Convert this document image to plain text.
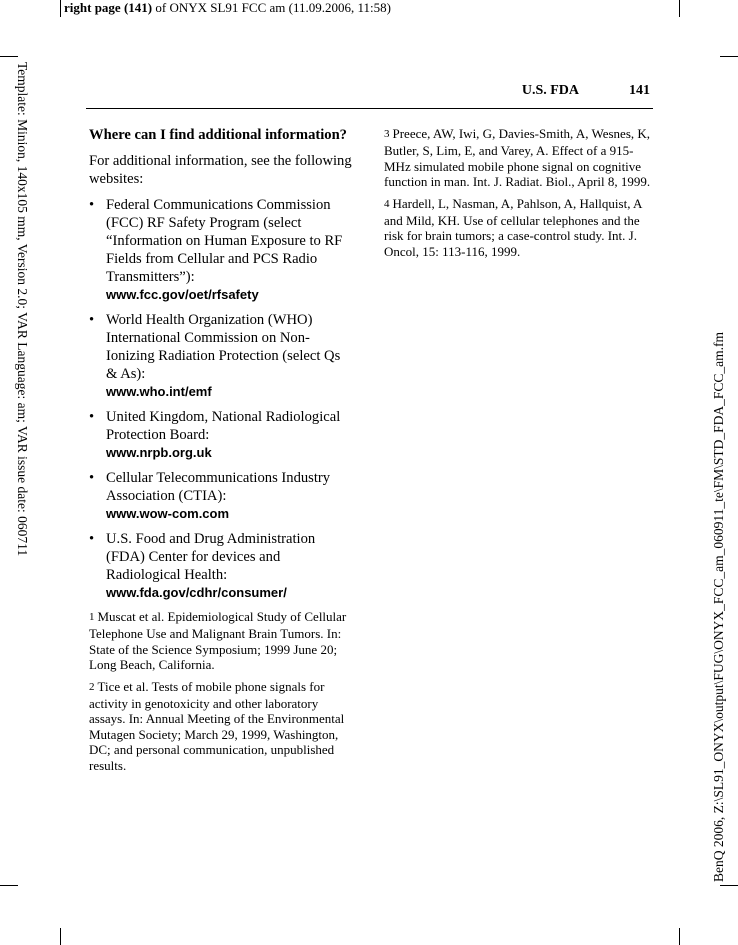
right page (141) of ONYX SL91 FCC am (11.09.2006, 11:58)
Template: Minion, 140x105 mm, Version 2.0; VAR Language: am; VAR issue date: 060711
BenQ 2006, Z:\SL91_ONYX\output\FUG\ONYX_FCC_am_060911_te\FM\STD_FDA_FCC_am.fm
U.S. FDA	141
Where can I find additional information?

For additional information, see the following websites:

• Federal Communications Commission (FCC) RF Safety Program (select “Information on Human Exposure to RF Fields from Cellular and PCS Radio Transmitters”):
www.fcc.gov/oet/rfsafety
• World Health Organization (WHO) International Commission on Non-Ionizing Radiation Protection (select Qs & As):
www.who.int/emf
• United Kingdom, National Radiological Protection Board:
www.nrpb.org.uk
• Cellular Telecommunications Industry Association (CTIA):
www.wow-com.com
• U.S. Food and Drug Administration (FDA) Center for devices and Radiological Health:
www.fda.gov/cdhr/consumer/

$^1$ Muscat et al. Epidemiological Study of Cellular Telephone Use and Malignant Brain Tumors. In: State of the Science Symposium; 1999 June 20; Long Beach, California.

$^2$ Tice et al. Tests of mobile phone signals for activity in genotoxicity and other laboratory assays. In: Annual Meeting of the Environmental Mutagen Society; March 29, 1999, Washington, DC; and personal communication, unpublished results.

$^3$ Preece, AW, Iwi, G, Davies-Smith, A, Wesnes, K, Butler, S, Lim, E, and Varey, A. Effect of a 915- MHz simulated mobile phone signal on cognitive function in man. Int. J. Radiat. Biol., April 8, 1999.

$^4$ Hardell, L, Nasman, A, Pahlson, A, Hallquist, A and Mild, KH. Use of cellular telephones and the risk for brain tumors; a case-control study. Int. J. Oncol, 15: 113-116, 1999.
